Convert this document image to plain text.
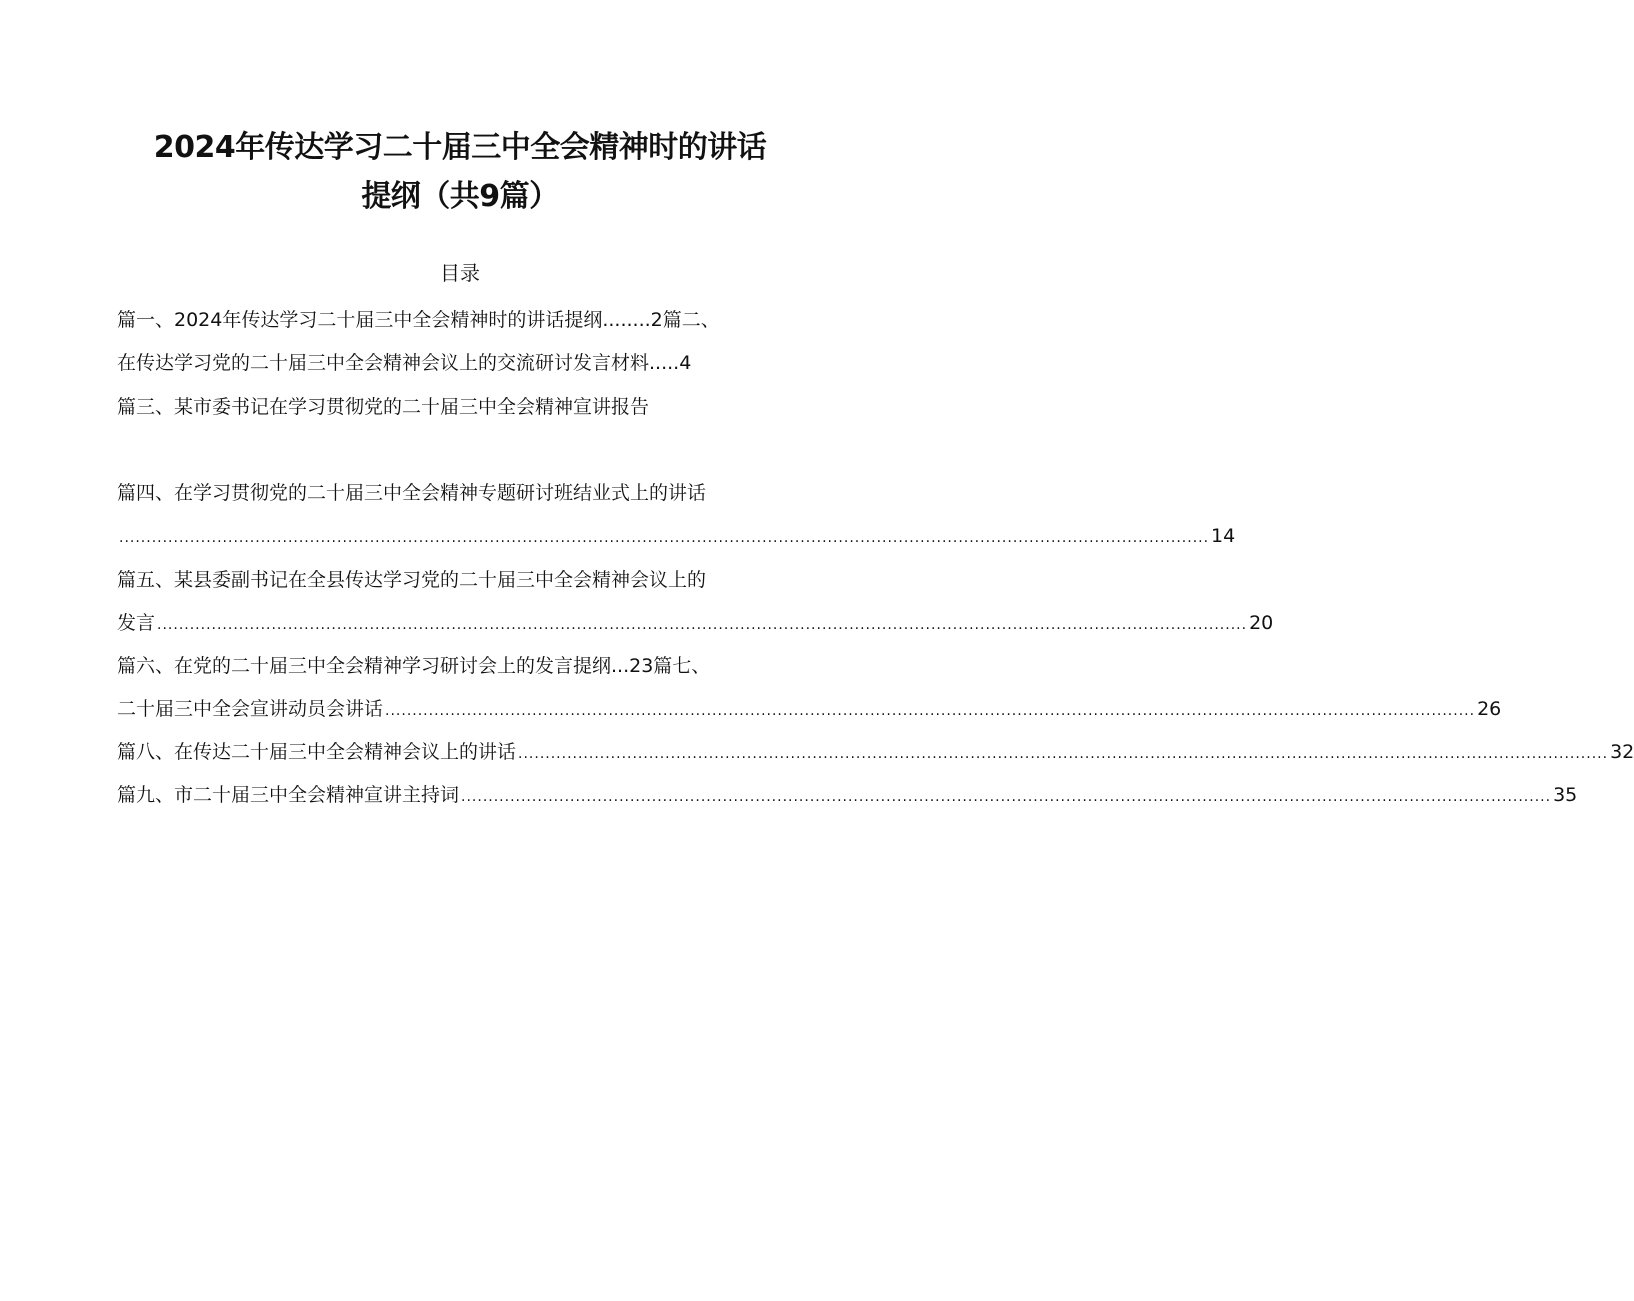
2024年传达学习二十届三中全会精神时的讲话
提纲（共9篇）
目录
篇一、2024年传达学习二十届三中全会精神时的讲话提纲........2篇二、
在传达学习党的二十届三中全会精神会议上的交流研讨发言材料.....4
篇三、某市委书记在学习贯彻党的二十届三中全会精神宣讲报告
篇四、在学习贯彻党的二十届三中全会精神专题研讨班结业式上的讲话
........................................................................................................................................................................................................ 14
篇五、某县委副书记在全县传达学习党的二十届三中全会精神会议上的
发言 ........................................................................................................................................................................................................ 20
篇六、在党的二十届三中全会精神学习研讨会上的发言提纲...23篇七、
二十届三中全会宣讲动员会讲话 ........................................................................................................................................................................................................ 26
篇八、在传达二十届三中全会精神会议上的讲话 ........................................................................................................................................................................................................ 32
篇九、市二十届三中全会精神宣讲主持词 ........................................................................................................................................................................................................ 35
